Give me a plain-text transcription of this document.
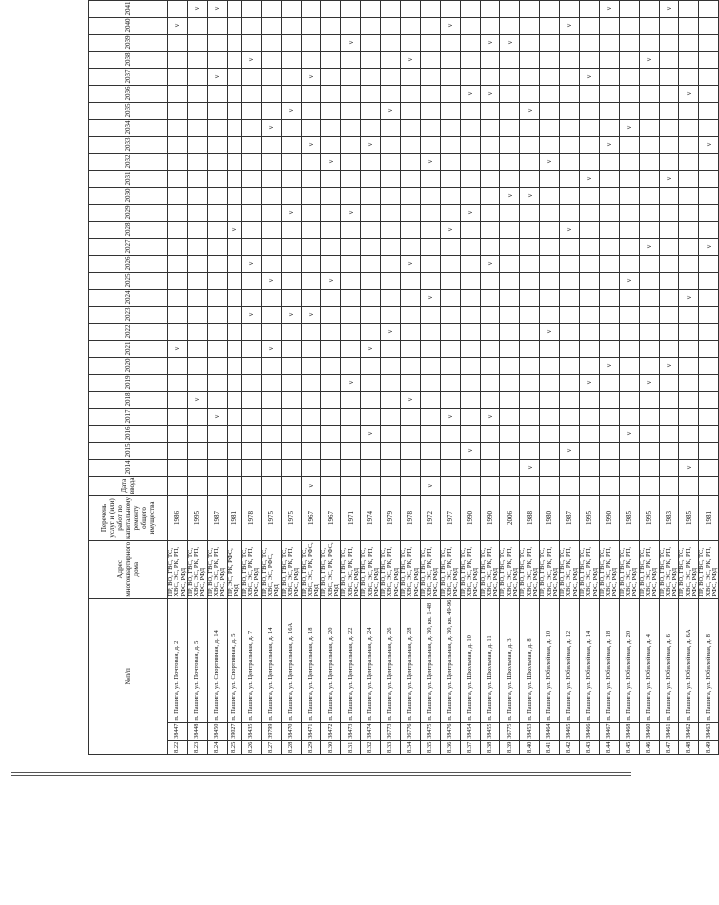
№п/п			Адрес многоквартирного дома	Перечень услуг и (или) работ по капитальному ремонту общего имущества	Дата ввода	2014	2015	2016	2017	2018	2019	2020	2021	2022	2023	2024	2025	2026	2027	2028	2029	2030	2031	2032	2033	2034	2035	2036	2037	2038	2039	2040	2041			
8.22	38447	п. Пашига, ул. Почтовая, д. 2	ПР, ВО, ГВС, ТС, ХВС, ЭС, РК, РП, РФС, РФД	1986									v																			v				
8.23	38448	п. Пашига, ул. Почтовая, д. 5	ПР, ВО, ГВС, ТС, ХВС, ЭС, РК, РП, РФС, РФД	1995						v																							v			
8.24	38450	п. Пашига, ул. Спортивная, д. 14	ПР, ВО, ГВС, ТС, ХВС, ЭС, РК, РП, РФС, РФД	1987					v																				v				v			
8.25	39027	п. Пашига, ул. Спортивная, д. 5	ПР, ЭС, РК, РФС, РФД	1981																v																
8.26	38435	п. Пашига, ул. Центральная, д. 7	ПР, ВО, ГВС, ТС, ХВС, ЭС, РК, РП, РФС, РФД	1978											v			v												v						
8.27	39799	п. Пашига, ул. Центральная, д. 14	ПР, ВО, ГВС, ТС, ХВС, ЭС, РФС, РФД	1975									v				v									v										
8.28	38470	п. Пашига, ул. Центральная, д. 16А	ПР, ВО, ГВС, ТС, ХВС, ЭС, РК, РП, РФС, РФД	1975											v						v						v									
8.29	38471	п. Пашига, ул. Центральная, д. 18	ПР, ВО, ГВС, ТС, ХВС, ЭС, РК, РФС, РФД	1967	v										v										v				v							
8.30	38472	п. Пашига, ул. Центральная, д. 20	ПР, ВО, ГВС, ТС, ХВС, ЭС, РК, РФС, РФД	1967													v							v												
8.31	38473	п. Пашига, ул. Центральная, д. 22	ПР, ВО, ГВС, ТС, ХВС, ЭС, РК, РП, РФС, РФД	1971							v										v										v					
8.32	38474	п. Пашига, ул. Центральная, д. 24	ПР, ВО, ГВС, ТС, ХВС, ЭС, РК, РП, РФС, РФД	1974				v					v												v											
8.33	36773	п. Пашига, ул. Центральная, д. 26	ПР, ВО, ГВС, ТС, ХВС, ЭС, РК, РП, РФС, РФД	1979										v													v									
8.34	36776	п. Пашига, ул. Центральная, д. 28	ПР, ВО, ГВС, ТС, ХВС, ЭС, РК, РП, РФС, РФД	1978						v								v												v						
8.35	38475	п. Пашига, ул. Центральная, д. 30, кв. 1-48	ПР, ВО, ГВС, ТС, ХВС, ЭС, РК, РП, РФС, РФД	1972	v											v								v												
8.36	38476	п. Пашига, ул. Центральная, д. 30, кв. 49-96	ПР, ВО, ГВС, ТС, ХВС, ЭС, РК, РП, РФС, РФД	1977					v											v												v				
8.37	38454	п. Пашига, ул. Школьная, д. 10	ПР, ВО, ГВС, ТС, ХВС, ЭС, РК, РП, РФС, РФД	1990			v														v							v							
8.38	38455	п. Пашига, ул. Школьная, д. 11	ПР, ВО, ГВС, ТС, ХВС, ЭС, РК, РП, РФС, РФД	1990					v									v										v			v					
8.39	36775	п. Пашига, ул. Школьная, д. 3	ПР, ВО, ГВС, ТС, ХВС, ЭС, РК, РП, РФС, РФД	2006																		v									v				
8.40	38453	п. Пашига, ул. Школьная, д. 8	ПР, ВО, ГВС, ТС, ХВС, ЭС, РК, РП, РФС, РФД	1988		v																v					v									
8.41	38464	п. Пашига, ул. Юбилейная, д. 10	ПР, ВО, ГВС, ТС, ХВС, ЭС, РК, РП, РФС, РФД	1980										v										v											
8.42	38465	п. Пашига, ул. Юбилейная, д. 12	ПР, ВО, ГВС, ТС, ХВС, ЭС, РК, РП, РФС, РФД	1987			v													v												v				
8.43	38466	п. Пашига, ул. Юбилейная, д. 14	ПР, ВО, ГВС, ТС, ХВС, ЭС, РК, РП, РФС, РФД	1995							v												v						v						
8.44	38467	п. Пашига, ул. Юбилейная, д. 18	ПР, ВО, ГВС, ТС, ХВС, ЭС, РК, РП, РФС, РФД	1990								v													v								v			
8.45	38468	п. Пашига, ул. Юбилейная, д. 20	ПР, ВО, ГВС, ТС, ХВС, ЭС, РК, РП, РФС, РФД	1985				v									v									v									
8.46	38460	п. Пашига, ул. Юбилейная, д. 4	ПР, ВО, ГВС, ТС, ХВС, ЭС, РК, РП, РФС, РФД	1995							v								v											v						
8.47	38461	п. Пашига, ул. Юбилейная, д. 6	ПР, ВО, ГВС, ТС, ХВС, ЭС, РК, РП, РФС, РФД	1983								v											v										v			
8.48	38462	п. Пашига, ул. Юбилейная, д. 6А	ПР, ВО, ГВС, ТС, ХВС, ЭС, РК, РП, РФС, РФД	1985		v										v												v								
8.49	38463	п. Пашига, ул. Юбилейная, д. 8	ПР, ВО, ГВС, ТС, ХВС, ЭС, РК, РП, РФС, РФД	1981															v						v											
